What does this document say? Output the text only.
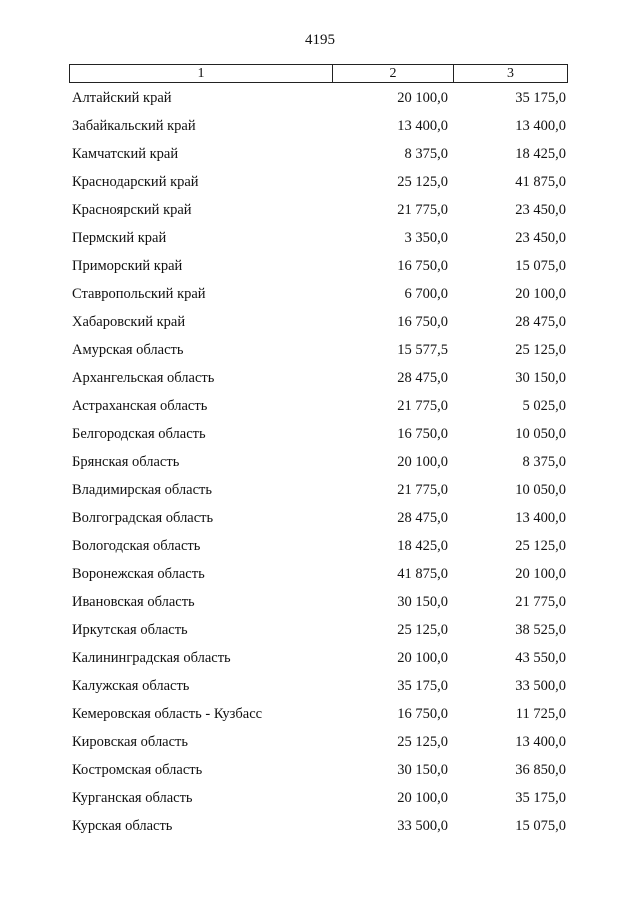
4195
1	2	3
Алтайский край	20 100,0	35 175,0
Забайкальский край	13 400,0	13 400,0
Камчатский край	8 375,0	18 425,0
Краснодарский край	25 125,0	41 875,0
Красноярский край	21 775,0	23 450,0
Пермский край	3 350,0	23 450,0
Приморский край	16 750,0	15 075,0
Ставропольский край	6 700,0	20 100,0
Хабаровский край	16 750,0	28 475,0
Амурская область	15 577,5	25 125,0
Архангельская область	28 475,0	30 150,0
Астраханская область	21 775,0	5 025,0
Белгородская область	16 750,0	10 050,0
Брянская область	20 100,0	8 375,0
Владимирская область	21 775,0	10 050,0
Волгоградская область	28 475,0	13 400,0
Вологодская область	18 425,0	25 125,0
Воронежская область	41 875,0	20 100,0
Ивановская область	30 150,0	21 775,0
Иркутская область	25 125,0	38 525,0
Калининградская область	20 100,0	43 550,0
Калужская область	35 175,0	33 500,0
Кемеровская область - Кузбасс	16 750,0	11 725,0
Кировская область	25 125,0	13 400,0
Костромская область	30 150,0	36 850,0
Курганская область	20 100,0	35 175,0
Курская область	33 500,0	15 075,0
